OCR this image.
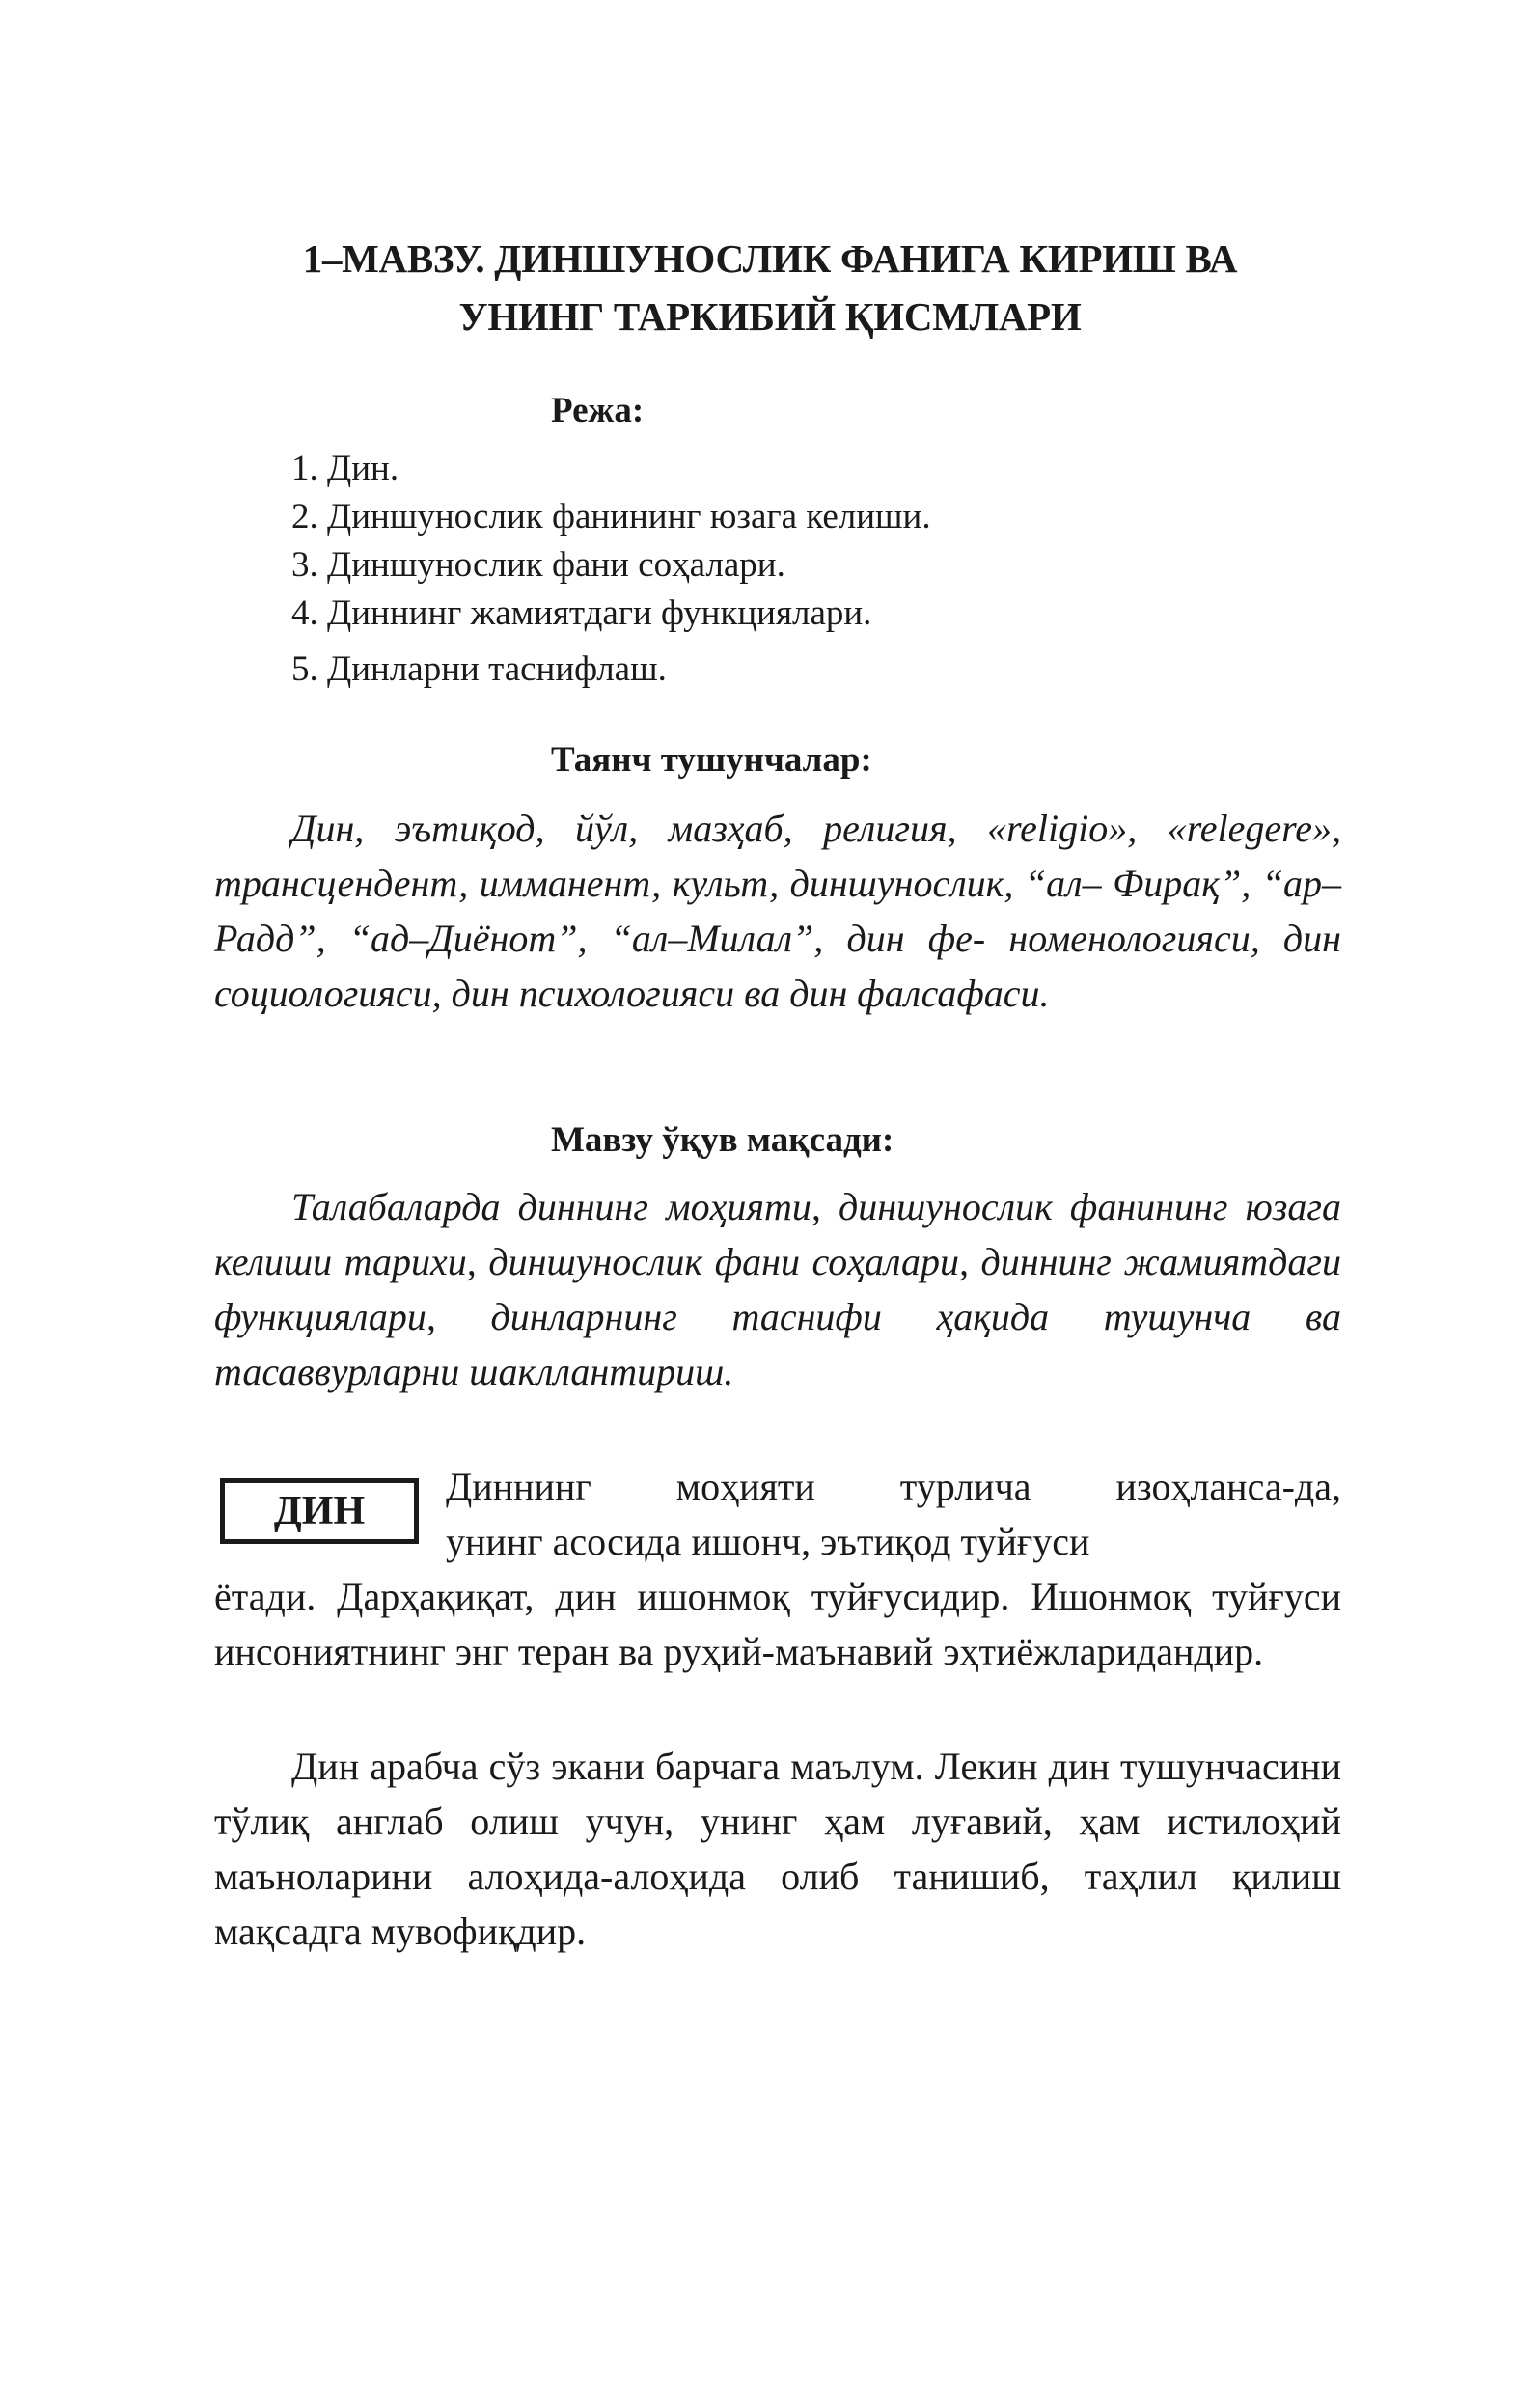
1–МАВЗУ. ДИНШУНОСЛИК ФАНИГА КИРИШ ВА
УНИНГ ТАРКИБИЙ ҚИСМЛАРИ
Режа:
1. Дин.
2. Диншунослик фанининг юзага келиши.
3. Диншунослик фани соҳалари.
4. Диннинг жамиятдаги функциялари.
5. Динларни таснифлаш.
Таянч тушунчалар:

Дин, эътиқод, йўл, мазҳаб, религия, «religio», «relegere», трансцендент, имманент, культ, диншунослик, “ал– Фирақ”, “ар–Радд”, “ад–Диёнот”, “ал–Милал”, дин фе- номенологияси, дин социологияси, дин психологияси ва дин фалсафаси.

Мавзу ўқув мақсади:

Талабаларда диннинг моҳияти, диншунослик фанининг юзага келиши тарихи, диншунослик фани соҳалари, диннинг жамиятдаги функциялари, динларнинг таснифи ҳақида тушунча ва тасаввурларни шакллантириш.

ДИН
Диннинг моҳияти турлича изоҳланса-да,
унинг асосида ишонч, эътиқод туйғуси

ётади. Дарҳақиқат, дин ишонмоқ туйғусидир. Ишонмоқ туйғуси инсониятнинг энг теран ва руҳий-маънавий эҳтиёжларидандир.

Дин арабча сўз экани барчага маълум. Лекин дин тушунчасини тўлиқ англаб олиш учун, унинг ҳам луғавий, ҳам истилоҳий маъноларини алоҳида-алоҳида олиб танишиб, таҳлил қилиш мақсадга мувофиқдир.
